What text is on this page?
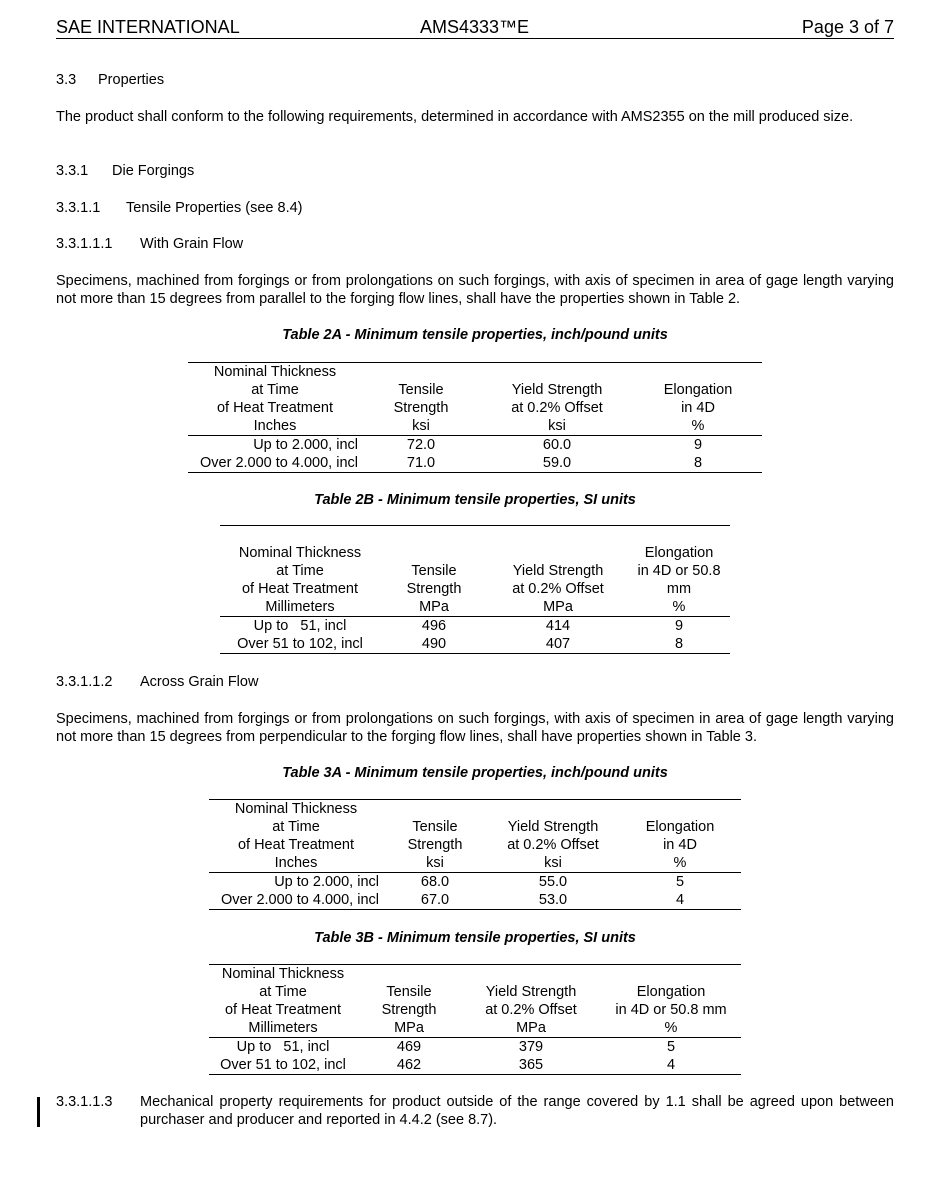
SAE INTERNATIONAL	AMS4333™E	Page 3 of 7
3.3 Properties
The product shall conform to the following requirements, determined in accordance with AMS2355 on the mill produced size.
3.3.1 Die Forgings
3.3.1.1 Tensile Properties (see 8.4)
3.3.1.1.1 With Grain Flow
Specimens, machined from forgings or from prolongations on such forgings, with axis of specimen in area of gage length varying not more than 15 degrees from parallel to the forging flow lines, shall have the properties shown in Table 2.
Table 2A - Minimum tensile properties, inch/pound units
Nominal Thickness			
at Time	Tensile	Yield Strength	Elongation
of Heat Treatment	Strength	at 0.2% Offset	in 4D
Inches	ksi	ksi	%
Up to 2.000, incl	72.0	60.0	9
Over 2.000 to 4.000, incl	71.0	59.0	8
Table 2B - Minimum tensile properties, SI units

Nominal Thickness			Elongation
at Time	Tensile	Yield Strength	in 4D or 50.8
of Heat Treatment	Strength	at 0.2% Offset	mm
Millimeters	MPa	MPa	%
Up to   51, incl	496	414	9
Over 51 to 102, incl	490	407	8
3.3.1.1.2 Across Grain Flow
Specimens, machined from forgings or from prolongations on such forgings, with axis of specimen in area of gage length varying not more than 15 degrees from perpendicular to the forging flow lines, shall have properties shown in Table 3.
Table 3A - Minimum tensile properties, inch/pound units
Nominal Thickness			
at Time	Tensile	Yield Strength	Elongation
of Heat Treatment	Strength	at 0.2% Offset	in 4D
Inches	ksi	ksi	%
Up to 2.000, incl	68.0	55.0	5
Over 2.000 to 4.000, incl	67.0	53.0	4
Table 3B - Minimum tensile properties, SI units
Nominal Thickness			
at Time	Tensile	Yield Strength	Elongation
of Heat Treatment	Strength	at 0.2% Offset	in 4D or 50.8 mm
Millimeters	MPa	MPa	%
Up to   51, incl	469	379	5
Over 51 to 102, incl	462	365	4
3.3.1.1.3 Mechanical property requirements for product outside of the range covered by 1.1 shall be agreed upon between purchaser and producer and reported in 4.4.2 (see 8.7).
